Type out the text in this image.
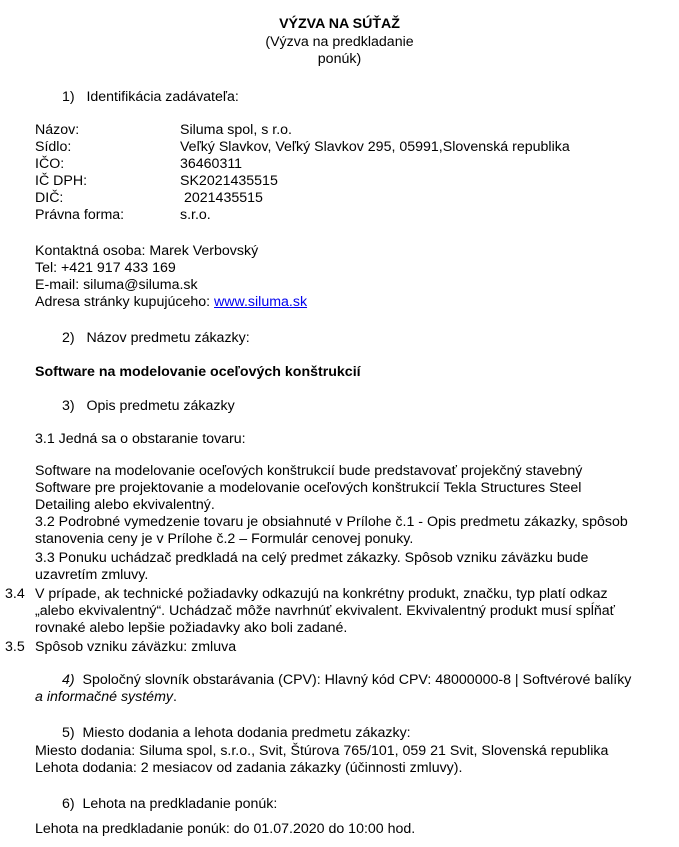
VÝZVA NA SÚŤAŽ
(Výzva na predkladanie
ponúk)
1)   Identifikácia zadávateľa:
Názov:	Siluma spol, s r.o.
Sídlo:	Veľký Slavkov, Veľký Slavkov 295, 05991,Slovenská republika
IČO:	36460311
IČ DPH:	SK2021435515
DIČ:	2021435515
Právna forma:	s.r.o.
Kontaktná osoba: Marek Verbovský
Tel: +421 917 433 169
E-mail: siluma@siluma.sk
Adresa stránky kupujúceho: www.siluma.sk
2)   Názov predmetu zákazky:
Software na modelovanie oceľových konštrukcií
3)   Opis predmetu zákazky
3.1 Jedná sa o obstaranie tovaru:
Software na modelovanie oceľových konštrukcií bude predstavovať projekčný stavebný
Software pre projektovanie a modelovanie oceľových konštrukcií Tekla Structures Steel
Detailing alebo ekvivalentný.
3.2 Podrobné vymedzenie tovaru je obsiahnuté v Prílohe č.1 - Opis predmetu zákazky, spôsob
stanovenia ceny je v Prílohe č.2 – Formulár cenovej ponuky.
3.3 Ponuku uchádzač predkladá na celý predmet zákazky. Spôsob vzniku záväzku bude
uzavretím zmluvy.
3.4 V prípade, ak technické požiadavky odkazujú na konkrétny produkt, značku, typ platí odkaz
„alebo ekvivalentný“. Uchádzač môže navrhnúť ekvivalent. Ekvivalentný produkt musí spĺňať
rovnaké alebo lepšie požiadavky ako boli zadané.
3.5 Spôsob vzniku záväzku: zmluva
4)  Spoločný slovník obstarávania (CPV): Hlavný kód CPV: 48000000-8 | Softvérové balíky
a informačné systémy.
5)  Miesto dodania a lehota dodania predmetu zákazky:
Miesto dodania: Siluma spol, s.r.o., Svit, Štúrova 765/101, 059 21 Svit, Slovenská republika
Lehota dodania: 2 mesiacov od zadania zákazky (účinnosti zmluvy).
6)  Lehota na predkladanie ponúk:
Lehota na predkladanie ponúk: do 01.07.2020 do 10:00 hod.
